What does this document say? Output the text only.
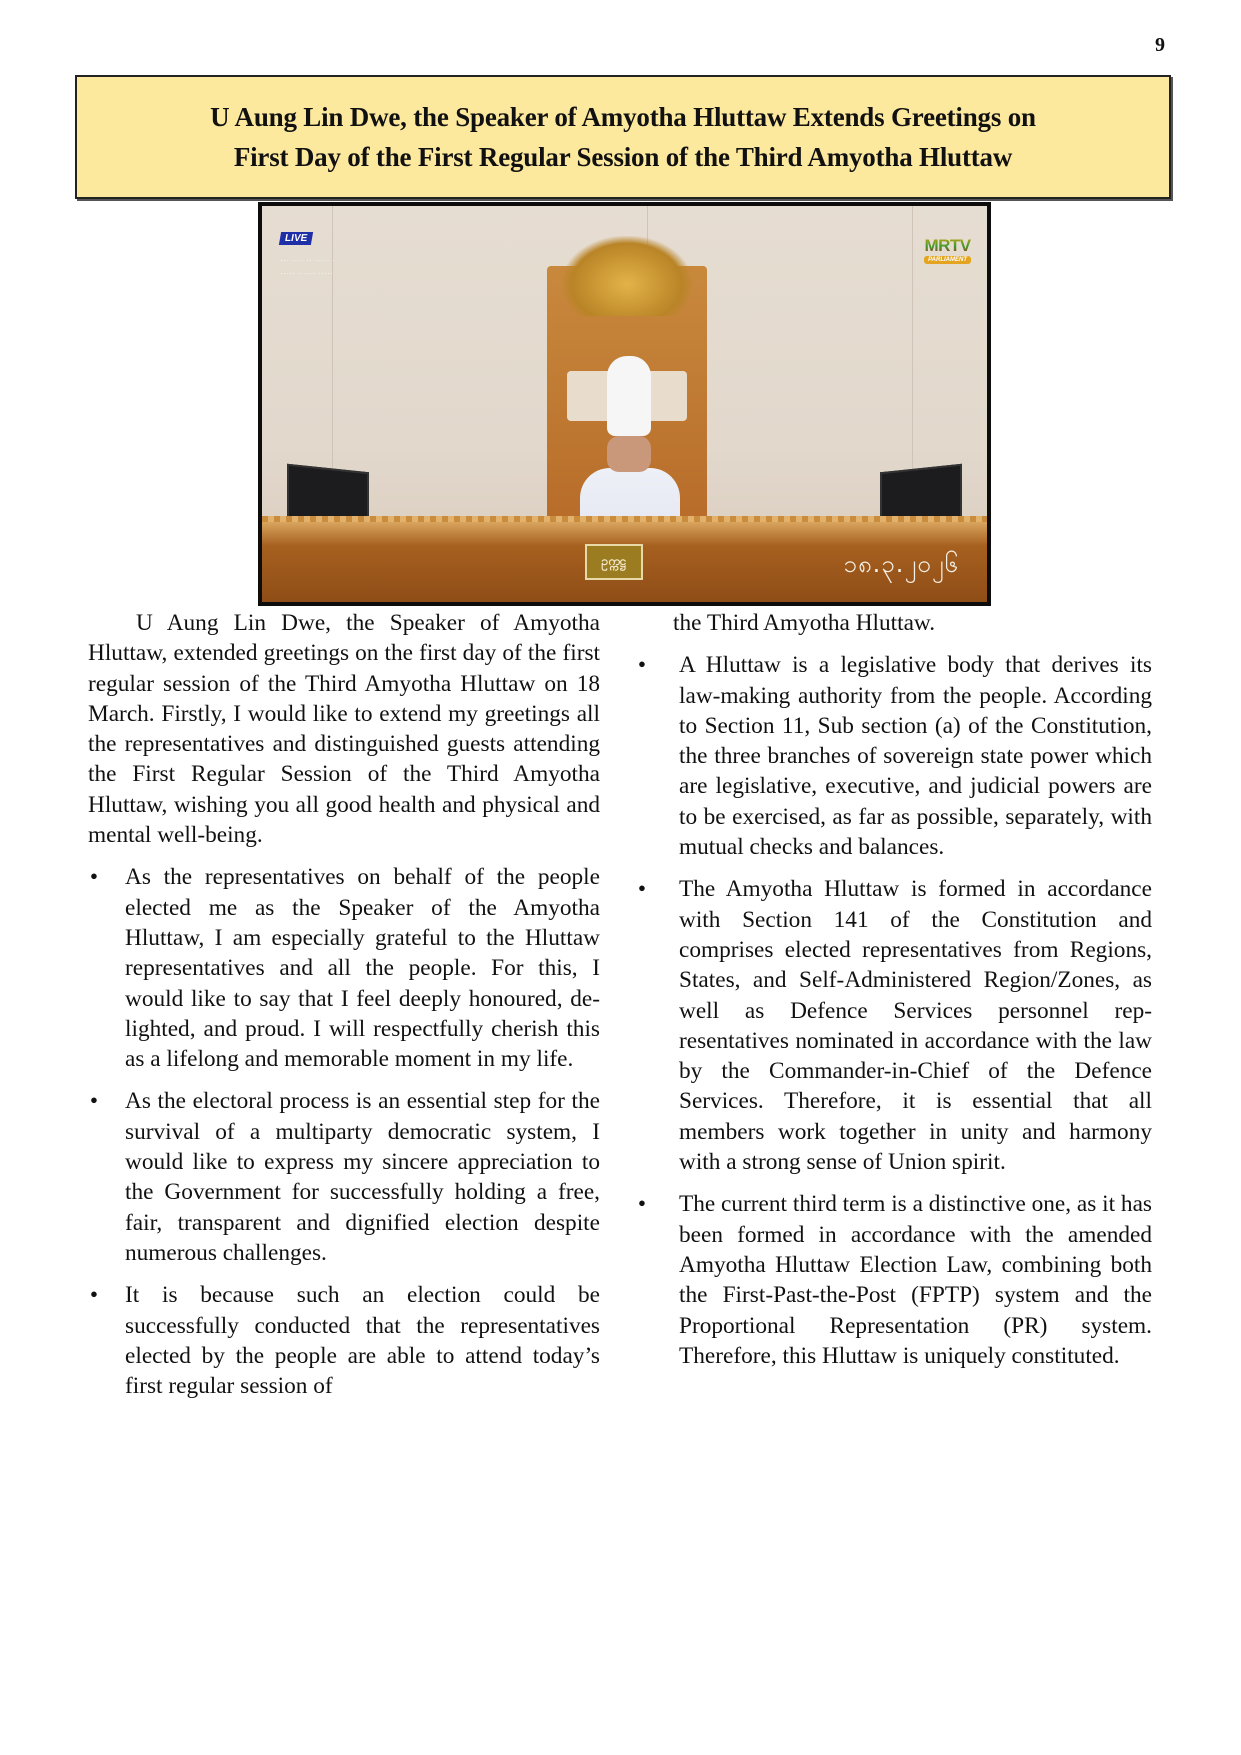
9
U Aung Lin Dwe, the Speaker of Amyotha Hluttaw Extends Greetings on
First Day of the First Regular Session of the Third Amyotha Hluttaw
LIVE
··· ···· ·· ····· ·
····· ······ ·····
MRTV
PARLIAMENT
ဥက္ကဋ္ဌ	၁၈.၃.၂၀၂၆

U Aung Lin Dwe, the Speaker of Amyotha Hluttaw, extended greetings on the first day of the first regular session of the Third Amyotha Hluttaw on 18 March. Firstly, I would like to extend my greetings all the representatives and distinguished guests attending the First Regular Session of the Third Amyotha Hluttaw, wishing you all good health and physical and mental well-being.

• As the representatives on behalf of the people elected me as the Speaker of the Amyotha Hluttaw, I am especially grateful to the Hluttaw representatives and all the people. For this, I would like to say that I feel deeply honoured, delighted, and proud. I will respectfully cherish this as a lifelong and memorable moment in my life.
• As the electoral process is an essential step for the survival of a multiparty democratic system, I would like to express my sincere appreciation to the Government for successfully holding a free, fair, transparent and dignified election despite numerous challenges.
• It is because such an election could be successfully conducted that the representatives elected by the people are able to attend today’s first regular session of

the Third Amyotha Hluttaw.

• A Hluttaw is a legislative body that derives its law-making authority from the people. According to Section 11, Sub section (a) of the Constitution, the three branches of sovereign state power which are legislative, executive, and judicial powers are to be exercised, as far as possible, separately, with mutual checks and balances.
• The Amyotha Hluttaw is formed in accordance with Section 141 of the Constitution and comprises elected representatives from Regions, States, and Self-Administered Region/Zones, as well as Defence Services personnel representatives nominated in accordance with the law by the Commander-in-Chief of the Defence Services. Therefore, it is essential that all members work together in unity and harmony with a strong sense of Union spirit.
• The current third term is a distinctive one, as it has been formed in accordance with the amended Amyotha Hluttaw Election Law, combining both the First-Past-the-Post (FPTP) system and the Proportional Representation (PR) system. Therefore, this Hluttaw is uniquely constituted.
